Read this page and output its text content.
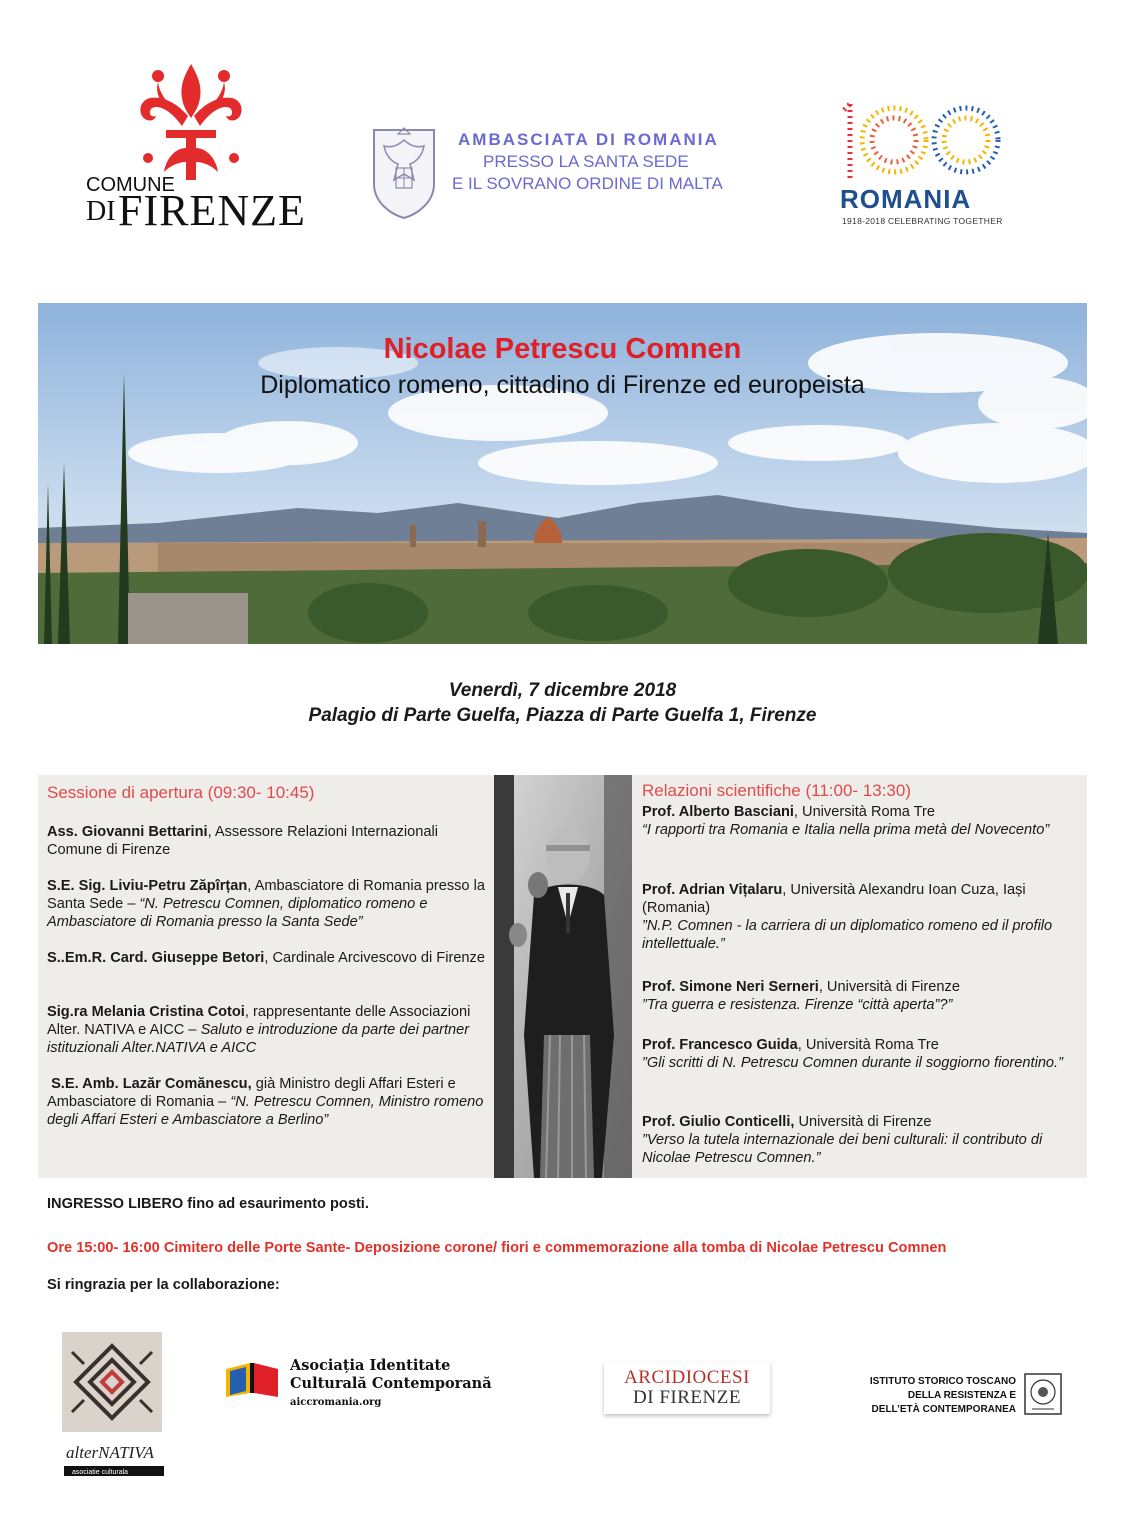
COMUNE
DI FIRENZE
AMBASCIATA DI ROMANIA
PRESSO LA SANTA SEDE
E IL SOVRANO ORDINE DI MALTA
ROMANIA
1918-2018 CELEBRATING TOGETHER
Nicolae Petrescu Comnen
Diplomatico romeno, cittadino di Firenze ed europeista
Venerdì, 7 dicembre 2018
Palagio di Parte Guelfa, Piazza di Parte Guelfa 1, Firenze

Sessione di apertura (09:30- 10:45)

Ass. Giovanni Bettarini, Assessore Relazioni Internazionali Comune di Firenze

S.E. Sig. Liviu-Petru Zăpîrțan, Ambasciatore di Romania presso la Santa Sede – “N. Petrescu Comnen, diplomatico romeno e Ambasciatore di Romania presso la Santa Sede”

S..Em.R. Card. Giuseppe Betori, Cardinale Arcivescovo di Firenze

Sig.ra Melania Cristina Cotoi, rappresentante delle Associazioni Alter. NATIVA e AICC – Saluto e introduzione da parte dei partner istituzionali Alter.NATIVA e AICC

S.E. Amb. Lazăr Comănescu, già Ministro degli Affari Esteri e Ambasciatore di Romania – “N. Petrescu Comnen, Ministro romeno degli Affari Esteri e Ambasciatore a Berlino”

Relazioni scientifiche (11:00- 13:30)

Prof. Alberto Basciani, Università Roma Tre

“I rapporti tra Romania e Italia nella prima metà del Novecento”

Prof. Adrian Vițalaru, Università Alexandru Ioan Cuza, Iași (Romania)

”N.P. Comnen - la carriera di un diplomatico romeno ed il profilo intellettuale.”

Prof. Simone Neri Serneri, Università di Firenze

”Tra guerra e resistenza. Firenze “città aperta”?”

Prof. Francesco Guida, Università Roma Tre

”Gli scritti di N. Petrescu Comnen durante il soggiorno fiorentino.”

Prof. Giulio Conticelli, Università di Firenze

”Verso la tutela internazionale dei beni culturali: il contributo di Nicolae Petrescu Comnen.”

INGRESSO LIBERO fino ad esaurimento posti.
Ore 15:00- 16:00 Cimitero delle Porte Sante- Deposizione corone/ fiori e commemorazione alla tomba di Nicolae Petrescu Comnen
Si ringrazia per la collaborazione:
alterNATIVA
asociatie culturala
Asociația Identitate
Culturală Contemporană
aiccromania.org
ARCIDIOCESI
DI FIRENZE
ISTITUTO STORICO TOSCANO
DELLA RESISTENZA E
DELL’ETÀ CONTEMPORANEA
